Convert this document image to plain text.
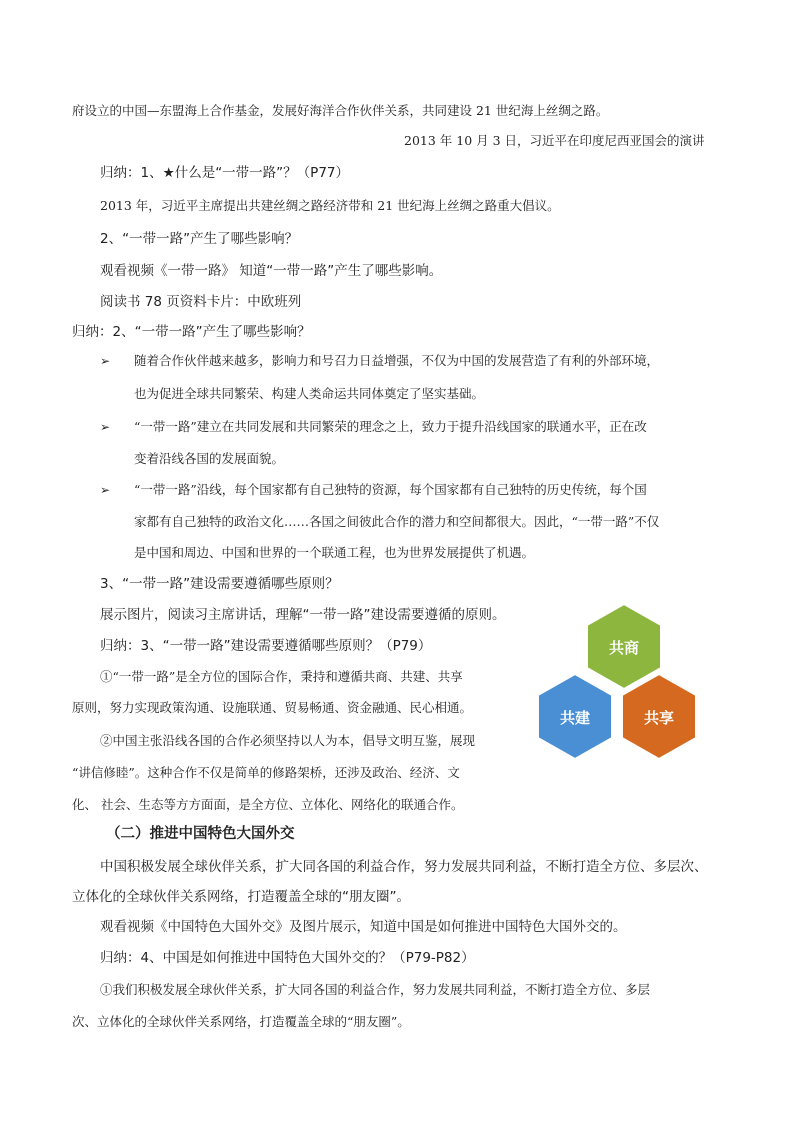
府设立的中国—东盟海上合作基金，发展好海洋合作伙伴关系，共同建设 21 世纪海上丝绸之路。
2013 年 10 月 3 日，习近平在印度尼西亚国会的演讲
归纳：1、★什么是“一带一路”？（P77）
2013 年，习近平主席提出共建丝绸之路经济带和 21 世纪海上丝绸之路重大倡议。
2、“一带一路”产生了哪些影响？
观看视频《一带一路》 知道“一带一路”产生了哪些影响。
阅读书 78 页资料卡片：中欧班列
归纳：2、“一带一路”产生了哪些影响？
➢ 随着合作伙伴越来越多，影响力和号召力日益增强，不仅为中国的发展营造了有利的外部环境，
也为促进全球共同繁荣、构建人类命运共同体奠定了坚实基础。
➢ “一带一路”建立在共同发展和共同繁荣的理念之上，致力于提升沿线国家的联通水平，正在改
变着沿线各国的发展面貌。
➢ “一带一路”沿线，每个国家都有自己独特的资源，每个国家都有自己独特的历史传统，每个国
家都有自己独特的政治文化……各国之间彼此合作的潜力和空间都很大。因此，“一带一路”不仅
是中国和周边、中国和世界的一个联通工程，也为世界发展提供了机遇。
3、“一带一路”建设需要遵循哪些原则？
展示图片，阅读习主席讲话，理解“一带一路”建设需要遵循的原则。
归纳：3、“一带一路”建设需要遵循哪些原则？（P79）
①“一带一路”是全方位的国际合作，秉持和遵循共商、共建、共享
原则，努力实现政策沟通、设施联通、贸易畅通、资金融通、民心相通。
②中国主张沿线各国的合作必须坚持以人为本，倡导文明互鉴，展现
“讲信修睦”。这种合作不仅是简单的修路架桥，还涉及政治、经济、文
化、 社会、生态等方方面面，是全方位、立体化、网络化的联通合作。
（二）推进中国特色大国外交
中国积极发展全球伙伴关系，扩大同各国的利益合作，努力发展共同利益，不断打造全方位、多层次、
立体化的全球伙伴关系网络，打造覆盖全球的“朋友圈”。
观看视频《中国特色大国外交》及图片展示，知道中国是如何推进中国特色大国外交的。
归纳：4、中国是如何推进中国特色大国外交的？（P79-P82）
①我们积极发展全球伙伴关系，扩大同各国的利益合作，努力发展共同利益，不断打造全方位、多层
次、立体化的全球伙伴关系网络，打造覆盖全球的“朋友圈”。
共商
共建	共享
